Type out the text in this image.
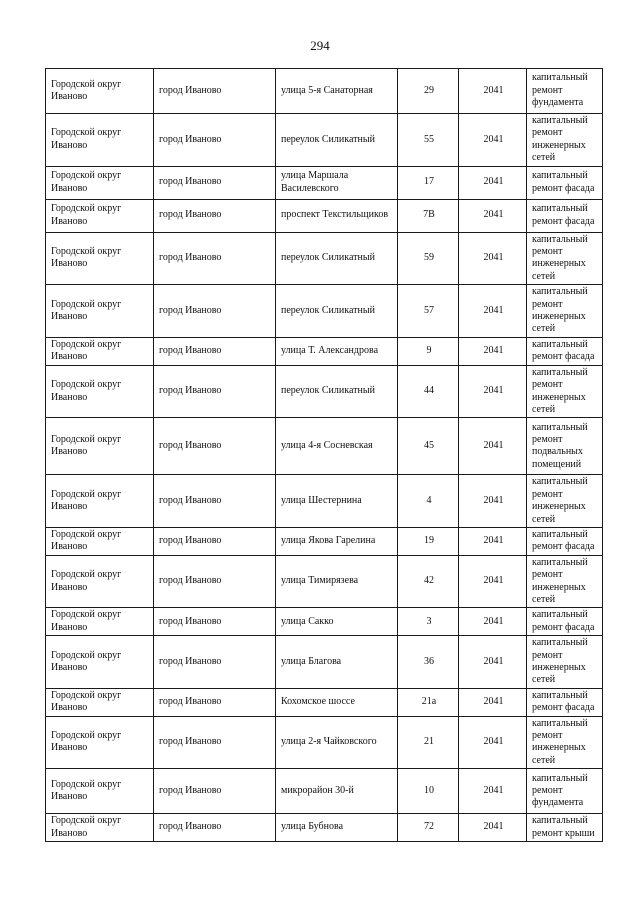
294
Городской округ Иваново	город Иваново	улица 5-я Санаторная	29	2041	капитальный ремонт фундамента

Городской округ Иваново	город Иваново	переулок Силикатный	55	2041	капитальный ремонт инженерных сетей

Городской округ Иваново	город Иваново	улица Маршала Василевского	17	2041	капитальный ремонт фасада

Городской округ Иваново	город Иваново	проспект Текстильщиков	7В	2041	капитальный ремонт фасада

Городской округ Иваново	город Иваново	переулок Силикатный	59	2041	капитальный ремонт инженерных сетей

Городской округ Иваново	город Иваново	переулок Силикатный	57	2041	капитальный ремонт инженерных сетей

Городской округ Иваново	город Иваново	улица Т. Александрова	9	2041	капитальный ремонт фасада

Городской округ Иваново	город Иваново	переулок Силикатный	44	2041	капитальный ремонт инженерных сетей

Городской округ Иваново	город Иваново	улица 4-я Сосневская	45	2041	капитальный ремонт подвальных помещений

Городской округ Иваново	город Иваново	улица Шестернина	4	2041	капитальный ремонт инженерных сетей

Городской округ Иваново	город Иваново	улица Якова Гарелина	19	2041	капитальный ремонт фасада

Городской округ Иваново	город Иваново	улица Тимирязева	42	2041	капитальный ремонт инженерных сетей

Городской округ Иваново	город Иваново	улица Сакко	3	2041	капитальный ремонт фасада

Городской округ Иваново	город Иваново	улица Благова	36	2041	капитальный ремонт инженерных сетей

Городской округ Иваново	город Иваново	Кохомское шоссе	21а	2041	капитальный ремонт фасада

Городской округ Иваново	город Иваново	улица 2-я Чайковского	21	2041	капитальный ремонт инженерных сетей

Городской округ Иваново	город Иваново	микрорайон 30-й	10	2041	капитальный ремонт фундамента

Городской округ Иваново	город Иваново	улица Бубнова	72	2041	капитальный ремонт крыши
